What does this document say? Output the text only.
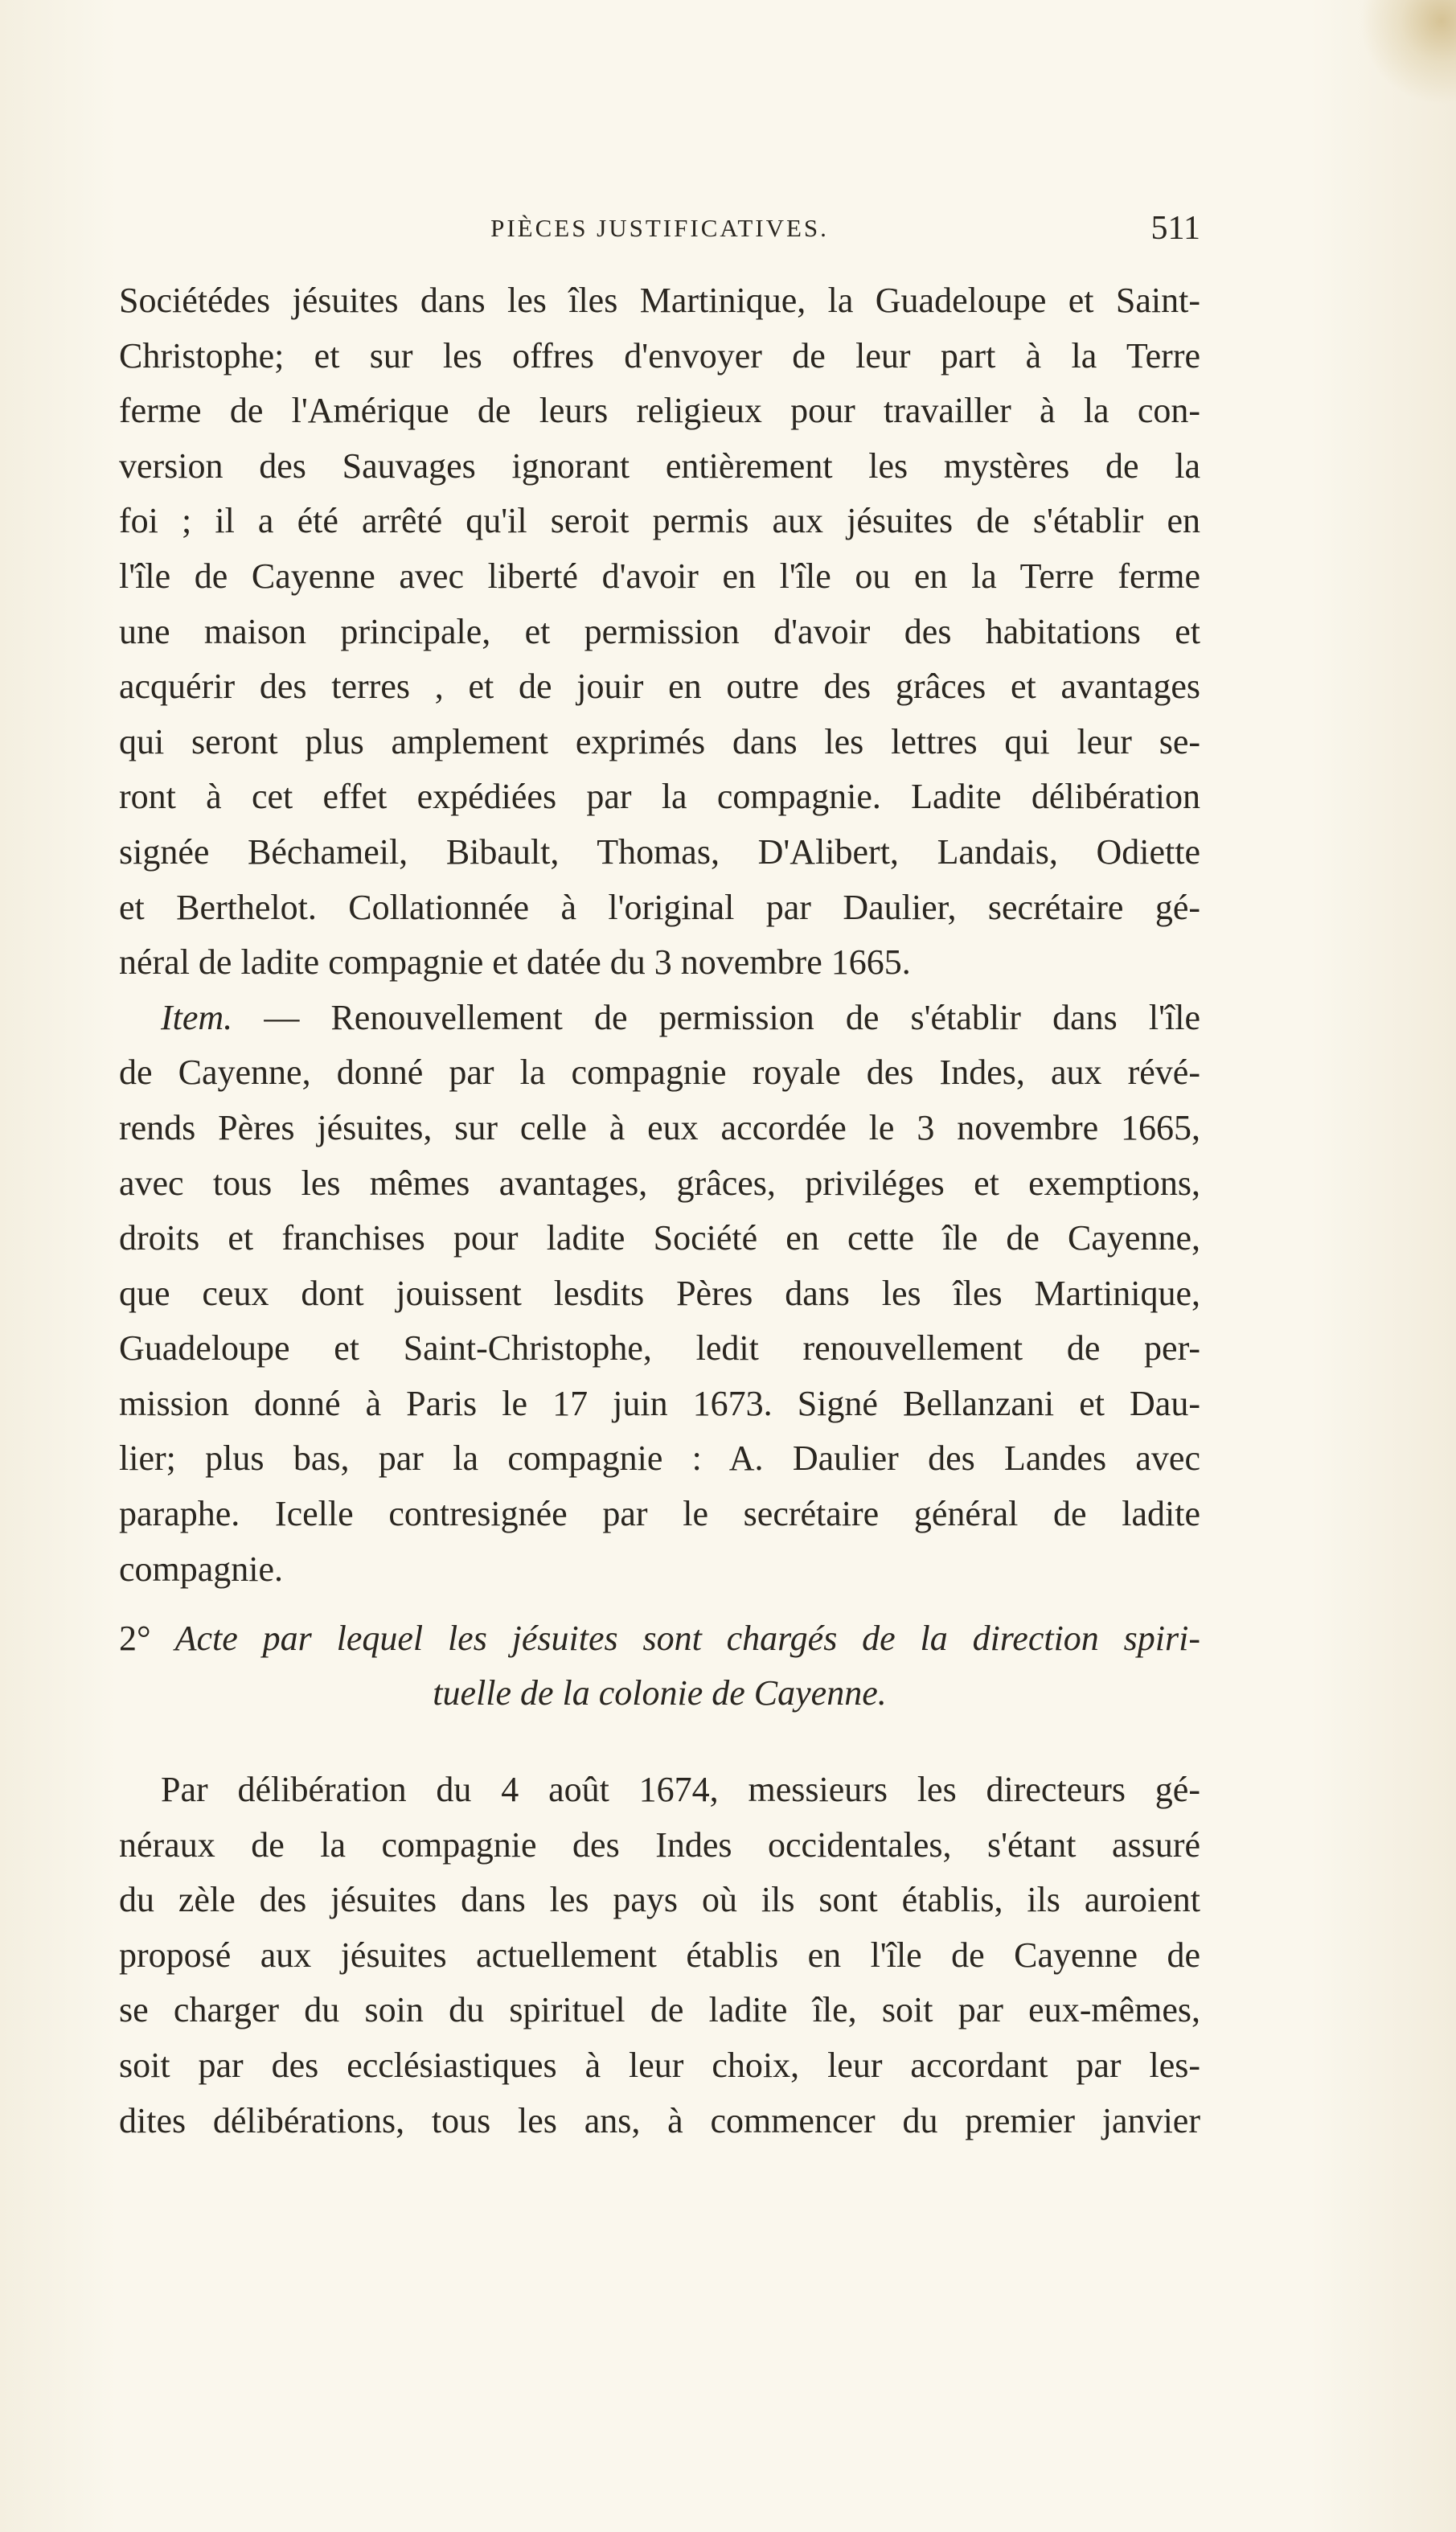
PIÈCES JUSTIFICATIVES.	511
Sociétédes jésuites dans les îles Martinique, la Guadeloupe et Saint-
Christophe; et sur les offres d'envoyer de leur part à la Terre
ferme de l'Amérique de leurs religieux pour travailler à la con-
version des Sauvages ignorant entièrement les mystères de la
foi ; il a été arrêté qu'il seroit permis aux jésuites de s'établir en
l'île de Cayenne avec liberté d'avoir en l'île ou en la Terre ferme
une maison principale, et permission d'avoir des habitations et
acquérir des terres , et de jouir en outre des grâces et avantages
qui seront plus amplement exprimés dans les lettres qui leur se-
ront à cet effet expédiées par la compagnie. Ladite délibération
signée Béchameil, Bibault, Thomas, D'Alibert, Landais, Odiette
et Berthelot. Collationnée à l'original par Daulier, secrétaire gé-
néral de ladite compagnie et datée du 3 novembre 1665.
Item. — Renouvellement de permission de s'établir dans l'île
de Cayenne, donné par la compagnie royale des Indes, aux révé-
rends Pères jésuites, sur celle à eux accordée le 3 novembre 1665,
avec tous les mêmes avantages, grâces, priviléges et exemptions,
droits et franchises pour ladite Société en cette île de Cayenne,
que ceux dont jouissent lesdits Pères dans les îles Martinique,
Guadeloupe et Saint-Christophe, ledit renouvellement de per-
mission donné à Paris le 17 juin 1673. Signé Bellanzani et Dau-
lier; plus bas, par la compagnie : A. Daulier des Landes avec
paraphe. Icelle contresignée par le secrétaire général de ladite
compagnie.
2° Acte par lequel les jésuites sont chargés de la direction spiri-
tuelle de la colonie de Cayenne.
Par délibération du 4 août 1674, messieurs les directeurs gé-
néraux de la compagnie des Indes occidentales, s'étant assuré
du zèle des jésuites dans les pays où ils sont établis, ils auroient
proposé aux jésuites actuellement établis en l'île de Cayenne de
se charger du soin du spirituel de ladite île, soit par eux-mêmes,
soit par des ecclésiastiques à leur choix, leur accordant par les-
dites délibérations, tous les ans, à commencer du premier janvier
